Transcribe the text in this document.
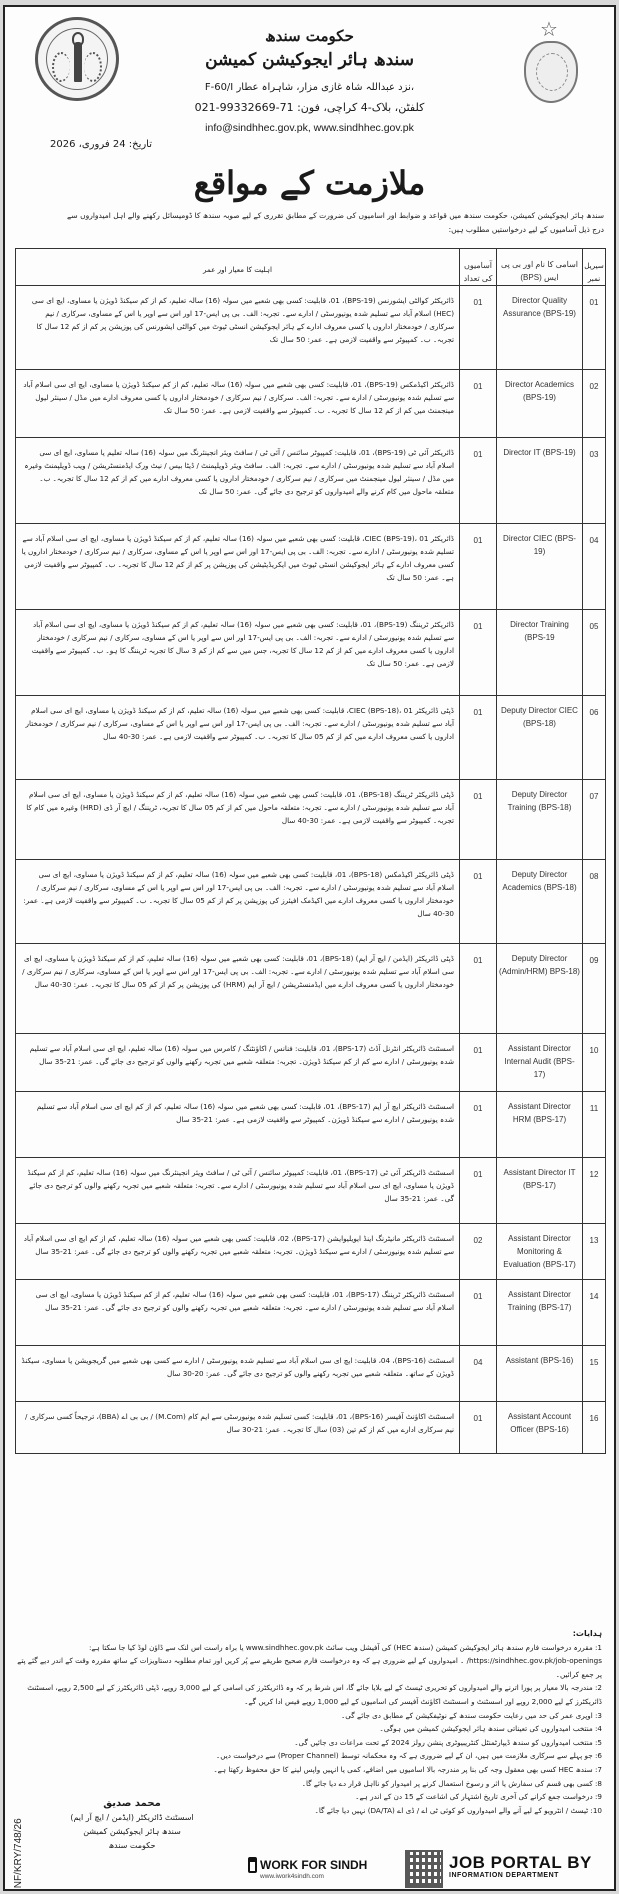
☆
حکومت سندھ
سندھ ہائر ایجوکیشن کمیشن
F-60/I نزد عبداللہ شاہ غازی مزار، شاہراہ عطار،
کلفٹن، بلاک-4 کراچی، فون: 71-99332669-021
info@sindhhec.gov.pk, www.sindhhec.gov.pk
تاریخ: 24 فروری، 2026
ملازمت کے مواقع
سندھ ہائر ایجوکیشن کمیشن، حکومت سندھ میں قواعد و ضوابط اور اسامیوں کی ضرورت کے مطابق تقرری کے لیے صوبہ سندھ کا ڈومیسائل رکھنے والے اہل امیدواروں سے درج ذیل آسامیوں کے لیے درخواستیں مطلوب ہیں:
سیریل نمبر	اسامی کا نام اور بی پی ایس (BPS)	آسامیوں کی تعداد	اہلیت کا معیار اور عمر
01	Director Quality Assurance (BPS-19)	01	ڈائریکٹر کوالٹی ایشورنس (BPS-19)، 01، قابلیت: کسی بھی شعبے میں سولہ (16) سالہ تعلیم، کم از کم سیکنڈ ڈویژن یا مساوی، ایچ ای سی (HEC) اسلام آباد سے تسلیم شدہ یونیورسٹی / ادارے سے۔ تجربہ: الف۔ بی پی ایس-17 اور اس سے اوپر یا اس کے مساوی، سرکاری / نیم سرکاری / خودمختار اداروں یا کسی معروف ادارے کے ہائر ایجوکیشن انسٹی ٹیوٹ میں کوالٹی ایشورنس کی پوزیشن پر کم از کم 12 سال کا تجربہ۔ ب۔ کمپیوٹر سے واقفیت لازمی ہے۔ عمر: 50 سال تک
02	Director Academics (BPS-19)	01	ڈائریکٹر اکیڈمکس (BPS-19)، 01، قابلیت: کسی بھی شعبے میں سولہ (16) سالہ تعلیم، کم از کم سیکنڈ ڈویژن یا مساوی، ایچ ای سی اسلام آباد سے تسلیم شدہ یونیورسٹی / ادارے سے۔ تجربہ: الف۔ سرکاری / نیم سرکاری / خودمختار اداروں یا کسی معروف ادارے میں مڈل / سینئر لیول مینجمنٹ میں کم از کم 12 سال کا تجربہ۔ ب۔ کمپیوٹر سے واقفیت لازمی ہے۔ عمر: 50 سال تک
03	Director IT (BPS-19)	01	ڈائریکٹر آئی ٹی (BPS-19)، 01، قابلیت: کمپیوٹر سائنس / آئی ٹی / سافٹ ویئر انجینئرنگ میں سولہ (16) سالہ تعلیم یا مساوی، ایچ ای سی اسلام آباد سے تسلیم شدہ یونیورسٹی / ادارے سے۔ تجربہ: الف۔ سافٹ ویئر ڈویلپمنٹ / ڈیٹا بیس / نیٹ ورک ایڈمنسٹریشن / ویب ڈویلپمنٹ وغیرہ میں مڈل / سینئر لیول مینجمنٹ میں سرکاری / نیم سرکاری / خودمختار اداروں یا کسی معروف ادارے میں کم از کم 12 سال کا تجربہ۔ ب۔ متعلقہ ماحول میں کام کرنے والے امیدواروں کو ترجیح دی جائے گی۔ عمر: 50 سال تک
04	Director CIEC (BPS-19)	01	ڈائریکٹر CIEC (BPS-19)، 01، قابلیت: کسی بھی شعبے میں سولہ (16) سالہ تعلیم، کم از کم سیکنڈ ڈویژن یا مساوی، ایچ ای سی اسلام آباد سے تسلیم شدہ یونیورسٹی / ادارے سے۔ تجربہ: الف۔ بی پی ایس-17 اور اس سے اوپر یا اس کے مساوی، سرکاری / نیم سرکاری / خودمختار اداروں یا کسی معروف ادارے کے ہائر ایجوکیشن انسٹی ٹیوٹ میں ایکریڈیٹیشن کی پوزیشن پر کم از کم 12 سال کا تجربہ۔ ب۔ کمپیوٹر سے واقفیت لازمی ہے۔ عمر: 50 سال تک
05	Director Training (BPS-19	01	ڈائریکٹر ٹریننگ (BPS-19)، 01، قابلیت: کسی بھی شعبے میں سولہ (16) سالہ تعلیم، کم از کم سیکنڈ ڈویژن یا مساوی، ایچ ای سی اسلام آباد سے تسلیم شدہ یونیورسٹی / ادارے سے۔ تجربہ: الف۔ بی پی ایس-17 اور اس سے اوپر یا اس کے مساوی، سرکاری / نیم سرکاری / خودمختار اداروں یا کسی معروف ادارے میں کم از کم 12 سال کا تجربہ، جس میں سے کم از کم 3 سال کا تجربہ ٹریننگ کا ہو۔ ب۔ کمپیوٹر سے واقفیت لازمی ہے۔ عمر: 50 سال تک
06	Deputy Director CIEC (BPS-18)	01	ڈپٹی ڈائریکٹر CIEC (BPS-18)، 01، قابلیت: کسی بھی شعبے میں سولہ (16) سالہ تعلیم، کم از کم سیکنڈ ڈویژن یا مساوی، ایچ ای سی اسلام آباد سے تسلیم شدہ یونیورسٹی / ادارے سے۔ تجربہ: الف۔ بی پی ایس-17 اور اس سے اوپر یا اس کے مساوی، سرکاری / نیم سرکاری / خودمختار اداروں یا کسی معروف ادارے میں کم از کم 05 سال کا تجربہ۔ ب۔ کمپیوٹر سے واقفیت لازمی ہے۔ عمر: 30-40 سال
07	Deputy Director Training (BPS-18)	01	ڈپٹی ڈائریکٹر ٹریننگ (BPS-18)، 01، قابلیت: کسی بھی شعبے میں سولہ (16) سالہ تعلیم، کم از کم سیکنڈ ڈویژن یا مساوی، ایچ ای سی اسلام آباد سے تسلیم شدہ یونیورسٹی / ادارے سے۔ تجربہ: متعلقہ ماحول میں کم از کم 05 سال کا تجربہ، ٹریننگ / ایچ آر ڈی (HRD) وغیرہ میں کام کا تجربہ۔ کمپیوٹر سے واقفیت لازمی ہے۔ عمر: 30-40 سال
08	Deputy Director Academics (BPS-18)	01	ڈپٹی ڈائریکٹر اکیڈمکس (BPS-18)، 01، قابلیت: کسی بھی شعبے میں سولہ (16) سالہ تعلیم، کم از کم سیکنڈ ڈویژن یا مساوی، ایچ ای سی اسلام آباد سے تسلیم شدہ یونیورسٹی / ادارے سے۔ تجربہ: الف۔ بی پی ایس-17 اور اس سے اوپر یا اس کے مساوی، سرکاری / نیم سرکاری / خودمختار اداروں یا کسی معروف ادارے میں اکیڈمک افیئرز کی پوزیشن پر کم از کم 05 سال کا تجربہ۔ ب۔ کمپیوٹر سے واقفیت لازمی ہے۔ عمر: 30-40 سال
09	Deputy Director (Admin/HRM) BPS-18)	01	ڈپٹی ڈائریکٹر (ایڈمن / ایچ آر ایم) (BPS-18)، 01، قابلیت: کسی بھی شعبے میں سولہ (16) سالہ تعلیم، کم از کم سیکنڈ ڈویژن یا مساوی، ایچ ای سی اسلام آباد سے تسلیم شدہ یونیورسٹی / ادارے سے۔ تجربہ: الف۔ بی پی ایس-17 اور اس سے اوپر یا اس کے مساوی، سرکاری / نیم سرکاری / خودمختار اداروں یا کسی معروف ادارے میں ایڈمنسٹریشن / ایچ آر ایم (HRM) کی پوزیشن پر کم از کم 05 سال کا تجربہ۔ عمر: 30-40 سال
10	Assistant Director Internal Audit (BPS-17)	01	اسسٹنٹ ڈائریکٹر انٹرنل آڈٹ (BPS-17)، 01، قابلیت: فنانس / اکاؤنٹنگ / کامرس میں سولہ (16) سالہ تعلیم، ایچ ای سی اسلام آباد سے تسلیم شدہ یونیورسٹی / ادارے سے کم از کم سیکنڈ ڈویژن۔ تجربہ: متعلقہ شعبے میں تجربہ رکھنے والوں کو ترجیح دی جائے گی۔ عمر: 21-35 سال
11	Assistant Director HRM (BPS-17)	01	اسسٹنٹ ڈائریکٹر ایچ آر ایم (BPS-17)، 01، قابلیت: کسی بھی شعبے میں سولہ (16) سالہ تعلیم، کم از کم ایچ ای سی اسلام آباد سے تسلیم شدہ یونیورسٹی / ادارے سے سیکنڈ ڈویژن۔ کمپیوٹر سے واقفیت لازمی ہے۔ عمر: 21-35 سال
12	Assistant Director IT (BPS-17)	01	اسسٹنٹ ڈائریکٹر آئی ٹی (BPS-17)، 01، قابلیت: کمپیوٹر سائنس / آئی ٹی / سافٹ ویئر انجینئرنگ میں سولہ (16) سالہ تعلیم، کم از کم سیکنڈ ڈویژن یا مساوی، ایچ ای سی اسلام آباد سے تسلیم شدہ یونیورسٹی / ادارے سے۔ تجربہ: متعلقہ شعبے میں تجربہ رکھنے والوں کو ترجیح دی جائے گی۔ عمر: 21-35 سال
13	Assistant Director Monitoring & Evaluation (BPS-17)	02	اسسٹنٹ ڈائریکٹر مانیٹرنگ اینڈ ایویلیوایشن (BPS-17)، 02، قابلیت: کسی بھی شعبے میں سولہ (16) سالہ تعلیم، کم از کم ایچ ای سی اسلام آباد سے تسلیم شدہ یونیورسٹی / ادارے سے سیکنڈ ڈویژن۔ تجربہ: متعلقہ شعبے میں تجربہ رکھنے والوں کو ترجیح دی جائے گی۔ عمر: 21-35 سال
14	Assistant Director Training (BPS-17)	01	اسسٹنٹ ڈائریکٹر ٹریننگ (BPS-17)، 01، قابلیت: کسی بھی شعبے میں سولہ (16) سالہ تعلیم، کم از کم سیکنڈ ڈویژن یا مساوی، ایچ ای سی اسلام آباد سے تسلیم شدہ یونیورسٹی / ادارے سے۔ تجربہ: متعلقہ شعبے میں تجربہ رکھنے والوں کو ترجیح دی جائے گی۔ عمر: 21-35 سال
15	Assistant (BPS-16)	04	اسسٹنٹ (BPS-16)، 04، قابلیت: ایچ ای سی اسلام آباد سے تسلیم شدہ یونیورسٹی / ادارے سے کسی بھی شعبے میں گریجویشن یا مساوی، سیکنڈ ڈویژن کے ساتھ۔ متعلقہ شعبے میں تجربہ رکھنے والوں کو ترجیح دی جائے گی۔ عمر: 20-30 سال
16	Assistant Account Officer (BPS-16)	01	اسسٹنٹ اکاؤنٹ آفیسر (BPS-16)، 01، قابلیت: کسی تسلیم شدہ یونیورسٹی سے ایم کام (M.Com) / بی بی اے (BBA)، ترجیحاً کسی سرکاری / نیم سرکاری ادارے میں کم از کم تین (03) سال کا تجربہ۔ عمر: 21-30 سال
ہدایات:
1: مقررہ درخواست فارم سندھ ہائر ایجوکیشن کمیشن (سندھ HEC) کی آفیشل ویب سائٹ www.sindhhec.gov.pk یا براہ راست اس لنک سے ڈاؤن لوڈ کیا جا سکتا ہے: https://sindhhec.gov.pk/job-openings/ ۔ امیدواروں کے لیے ضروری ہے کہ وہ درخواست فارم صحیح طریقے سے پُر کریں اور تمام مطلوبہ دستاویزات کے ساتھ مقررہ وقت کے اندر دیے گئے پتے پر جمع کرائیں۔
2: مندرجہ بالا معیار پر پورا اترنے والے امیدواروں کو تحریری ٹیسٹ کے لیے بلایا جائے گا، اس شرط پر کہ وہ ڈائریکٹرز کی اسامی کے لیے 3,000 روپے، ڈپٹی ڈائریکٹرز کے لیے 2,500 روپے، اسسٹنٹ ڈائریکٹرز کے لیے 2,000 روپے اور اسسٹنٹ و اسسٹنٹ اکاؤنٹ آفیسر کی اسامیوں کے لیے 1,000 روپے فیس ادا کریں گے۔
3: اوپری عمر کی حد میں رعایت حکومت سندھ کے نوٹیفکیشن کے مطابق دی جائے گی۔
4: منتخب امیدواروں کی تعیناتی سندھ ہائر ایجوکیشن کمیشن میں ہوگی۔
5: منتخب امیدواروں کو سندھ ڈیپارٹمنٹل کنٹریبیوٹری پنشن رولز 2024 کے تحت مراعات دی جائیں گی۔
6: جو پہلے سے سرکاری ملازمت میں ہیں، ان کے لیے ضروری ہے کہ وہ محکمانہ توسط (Proper Channel) سے درخواست دیں۔
7: سندھ HEC کسی بھی معقول وجہ کی بنا پر مندرجہ بالا اسامیوں میں اضافے، کمی یا انہیں واپس لینے کا حق محفوظ رکھتا ہے۔
8: کسی بھی قسم کی سفارش یا اثر و رسوخ استعمال کرنے پر امیدوار کو نااہل قرار دے دیا جائے گا۔
9: درخواست جمع کرانے کی آخری تاریخ اشتہار کی اشاعت کے 15 دن کے اندر ہے۔
10: ٹیسٹ / انٹرویو کے لیے آنے والے امیدواروں کو کوئی ٹی اے / ڈی اے (DA/TA) نہیں دیا جائے گا۔
INF/KRY/748/26
محمد صدیق
اسسٹنٹ ڈائریکٹر (ایڈمن / ایچ آر ایم)
سندھ ہائر ایجوکیشن کمیشن
حکومت سندھ
WORK FOR SINDH
www.iwork4sindh.com
JOB PORTAL BY
INFORMATION DEPARTMENT
